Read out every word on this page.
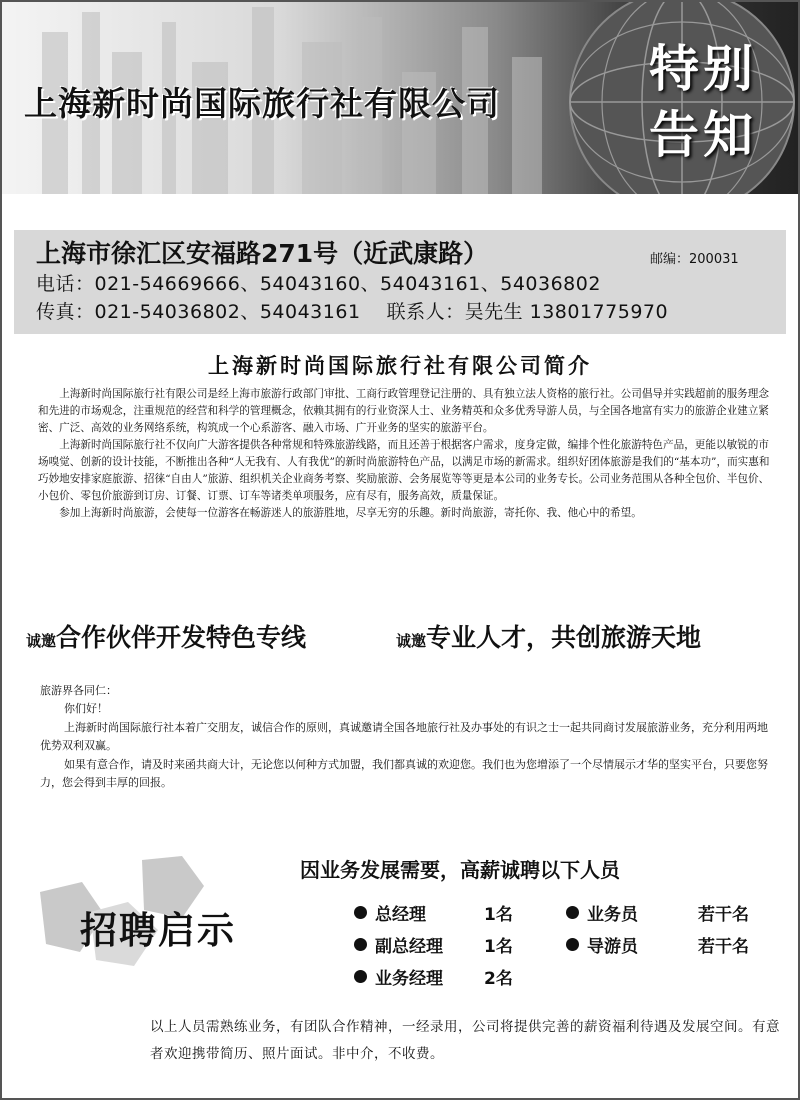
上海新时尚国际旅行社有限公司
特别
告知
上海市徐汇区安福路271号（近武康路）	邮编：200031
电话：021-54669666、54043160、54043161、54036802
传真：021-54036802、54043161　 联系人：吴先生 13801775970
上海新时尚国际旅行社有限公司简介

上海新时尚国际旅行社有限公司是经上海市旅游行政部门审批、工商行政管理登记注册的、具有独立法人资格的旅行社。公司倡导并实践超前的服务理念和先进的市场观念，注重规范的经营和科学的管理概念，依赖其拥有的行业资深人士、业务精英和众多优秀导游人员，与全国各地富有实力的旅游企业建立紧密、广泛、高效的业务网络系统，构筑成一个心系游客、融入市场、广开业务的坚实的旅游平台。

上海新时尚国际旅行社不仅向广大游客提供各种常规和特殊旅游线路，而且还善于根据客户需求，度身定做，编排个性化旅游特色产品，更能以敏锐的市场嗅觉、创新的设计技能，不断推出各种“人无我有、人有我优”的新时尚旅游特色产品，以满足市场的新需求。组织好团体旅游是我们的“基本功”，而实惠和巧妙地安排家庭旅游、招徕“自由人”旅游、组织机关企业商务考察、奖励旅游、会务展览等等更是本公司的业务专长。公司业务范围从各种全包价、半包价、小包价、零包价旅游到订房、订餐、订票、订车等诸类单项服务，应有尽有，服务高效，质量保证。

参加上海新时尚旅游，会使每一位游客在畅游迷人的旅游胜地，尽享无穷的乐趣。新时尚旅游，寄托你、我、他心中的希望。

诚邀合作伙伴开发特色专线	诚邀专业人才，共创旅游天地
旅游界各同仁：
你们好！
上海新时尚国际旅行社本着广交朋友，诚信合作的原则，真诚邀请全国各地旅行社及办事处的有识之士一起共同商讨发展旅游业务，充分利用两地优势双利双赢。
如果有意合作，请及时来函共商大计，无论您以何种方式加盟，我们都真诚的欢迎您。我们也为您增添了一个尽情展示才华的坚实平台，只要您努力，您会得到丰厚的回报。
因业务发展需要，高薪诚聘以下人员
招聘启示	总经理	1名	业务员	若干名
副总经理 1名	导游员	若干名
业务经理 2名
以上人员需熟练业务，有团队合作精神，一经录用，公司将提供完善的薪资福利待遇及发展空间。有意者欢迎携带简历、照片面试。非中介，不收费。
